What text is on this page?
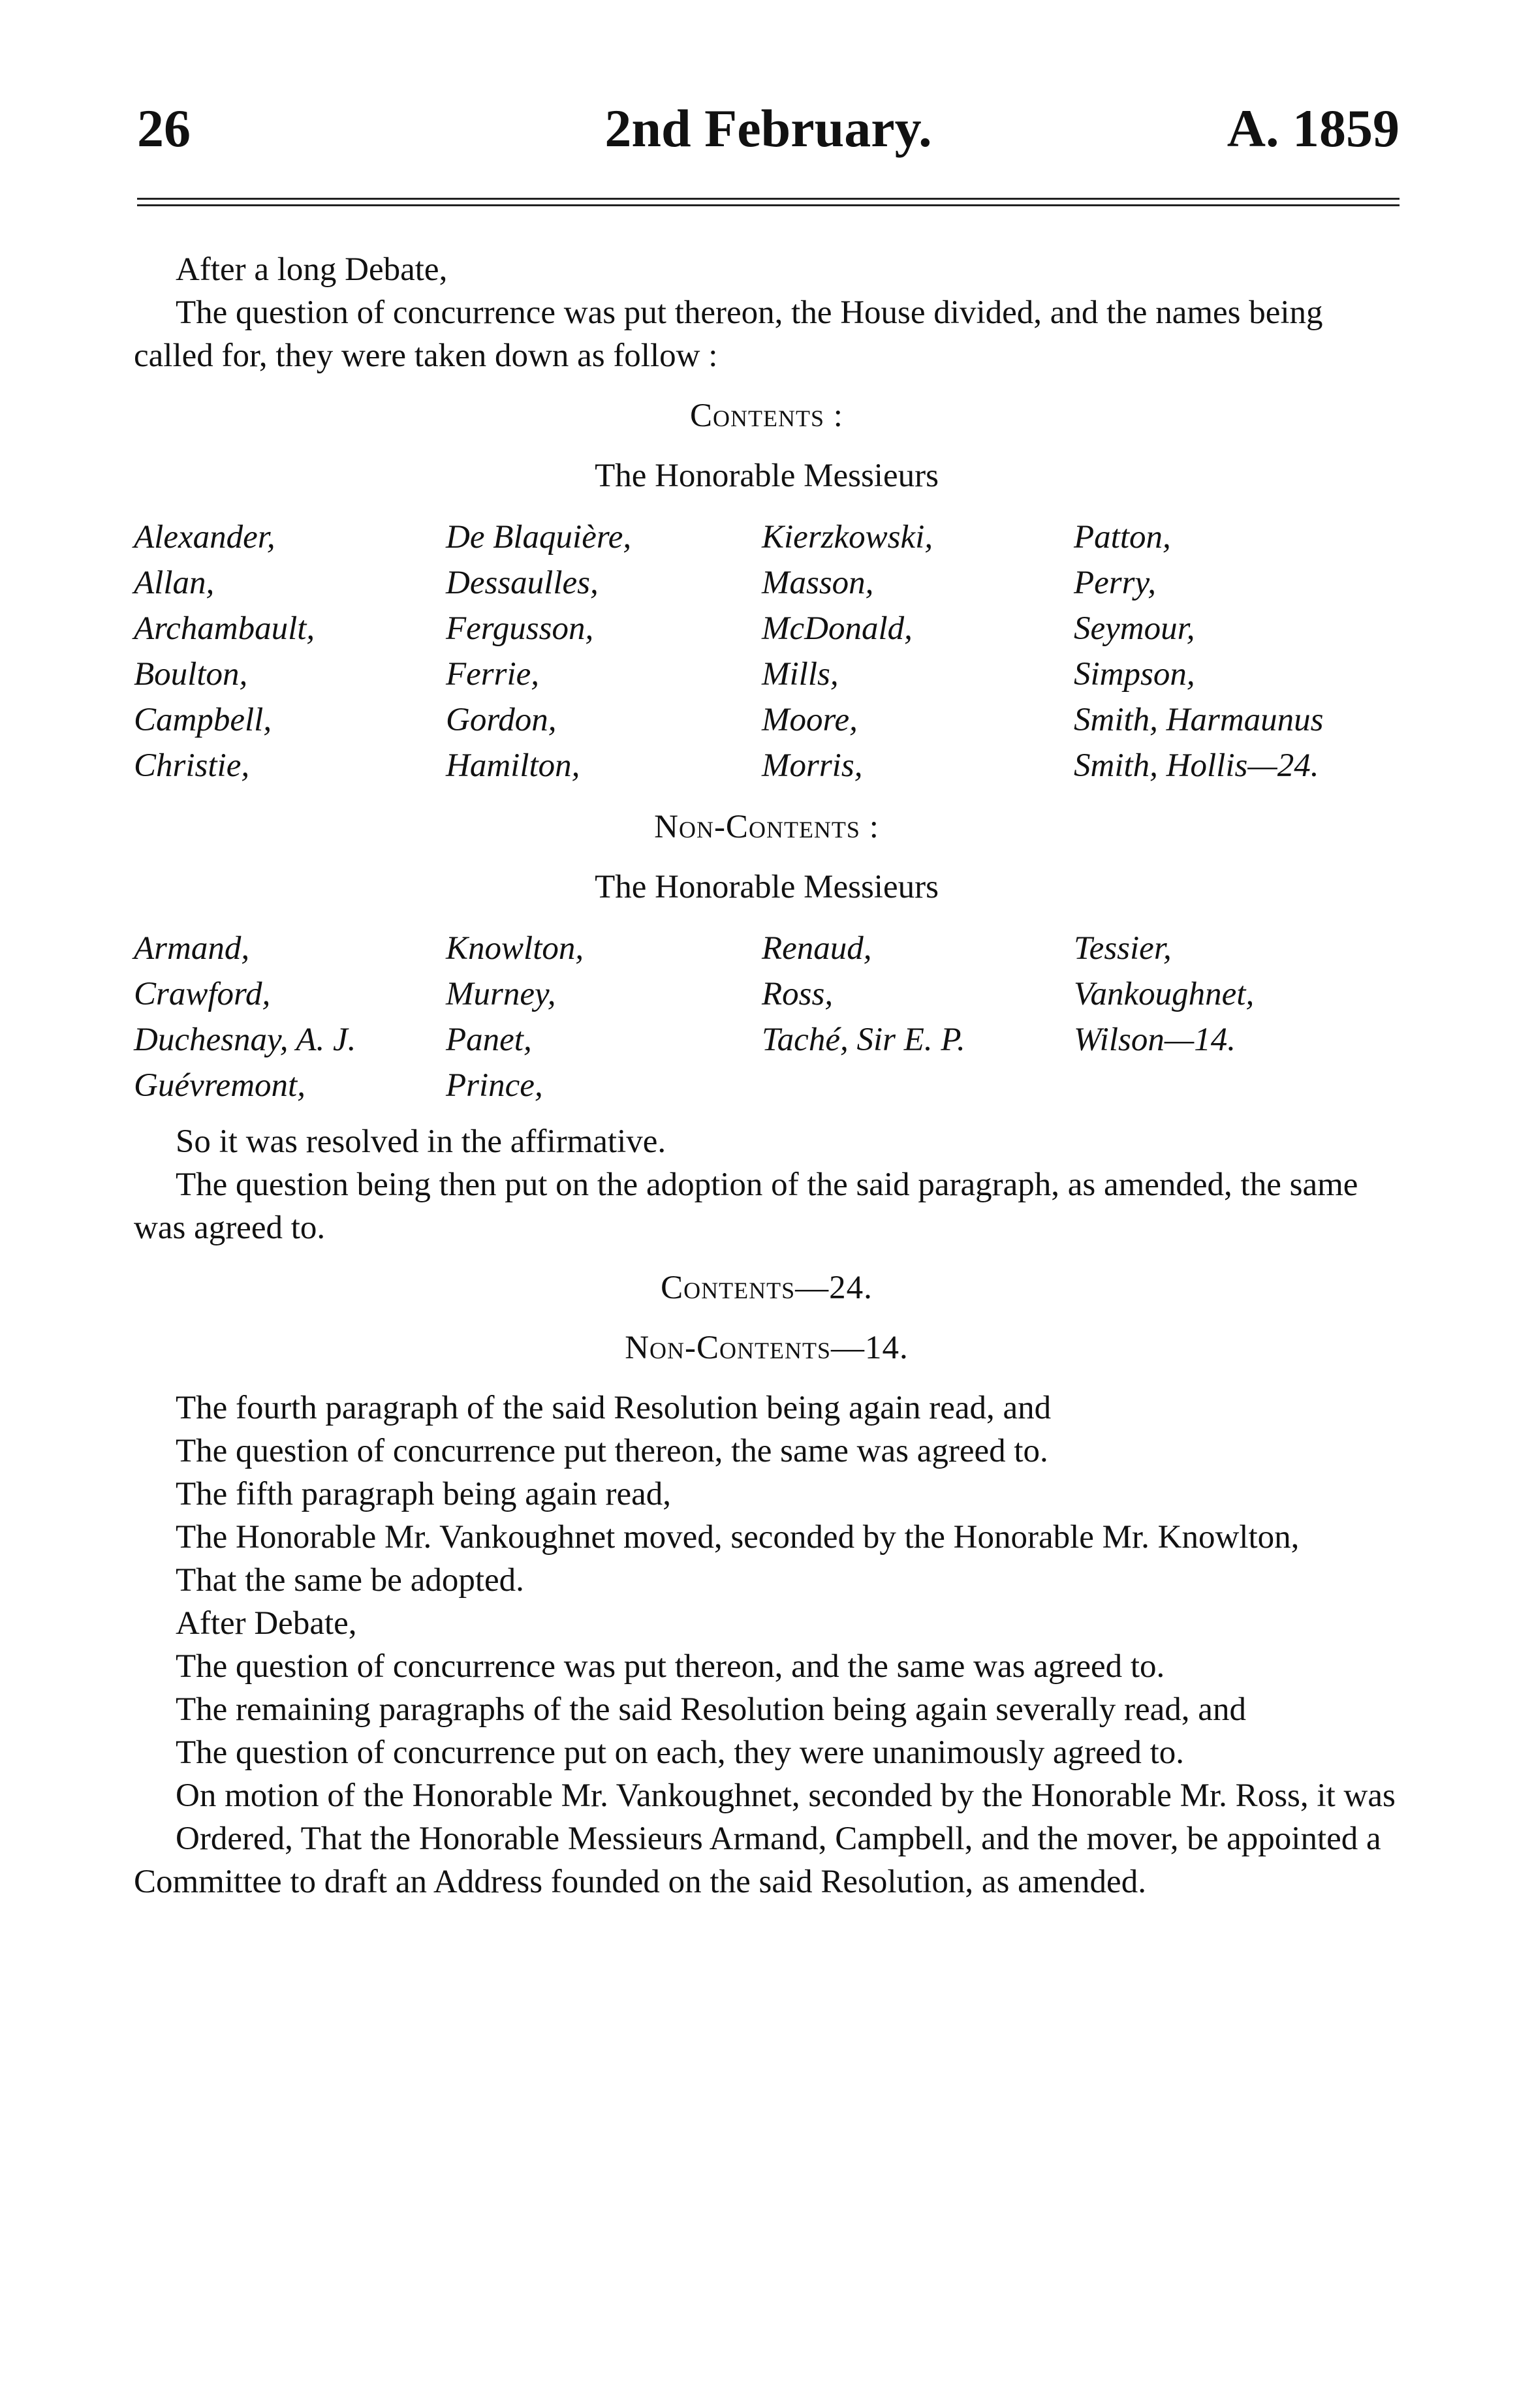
26	2nd February.	A. 1859

After a long Debate,

The question of concurrence was put thereon, the House divided, and the names being called for, they were taken down as follow :

Contents :
The Honorable Messieurs
Alexander,
Allan,
Archambault,
Boulton,
Campbell,
Christie,
De Blaquière,
Dessaulles,
Fergusson,
Ferrie,
Gordon,
Hamilton,
Kierzkowski,
Masson,
McDonald,
Mills,
Moore,
Morris,
Patton,
Perry,
Seymour,
Simpson,
Smith, Harmaunus
Smith, Hollis—24.
Non-Contents :
The Honorable Messieurs
Armand,
Crawford,
Duchesnay, A. J.
Guévremont,
Knowlton,
Murney,
Panet,
Prince,
Renaud,
Ross,
Taché, Sir E. P.
Tessier,
Vankoughnet,
Wilson—14.

So it was resolved in the affirmative.

The question being then put on the adoption of the said paragraph, as amended, the same was agreed to.

Contents—24.
Non-Contents—14.

The fourth paragraph of the said Resolution being again read, and

The question of concurrence put thereon, the same was agreed to.

The fifth paragraph being again read,

The Honorable Mr. Vankoughnet moved, seconded by the Honorable Mr. Knowlton,

That the same be adopted.

After Debate,

The question of concurrence was put thereon, and the same was agreed to.

The remaining paragraphs of the said Resolution being again severally read, and

The question of concurrence put on each, they were unanimously agreed to.

On motion of the Honorable Mr. Vankoughnet, seconded by the Honorable Mr. Ross, it was

Ordered, That the Honorable Messieurs Armand, Campbell, and the mover, be appointed a Committee to draft an Address founded on the said Resolution, as amended.
